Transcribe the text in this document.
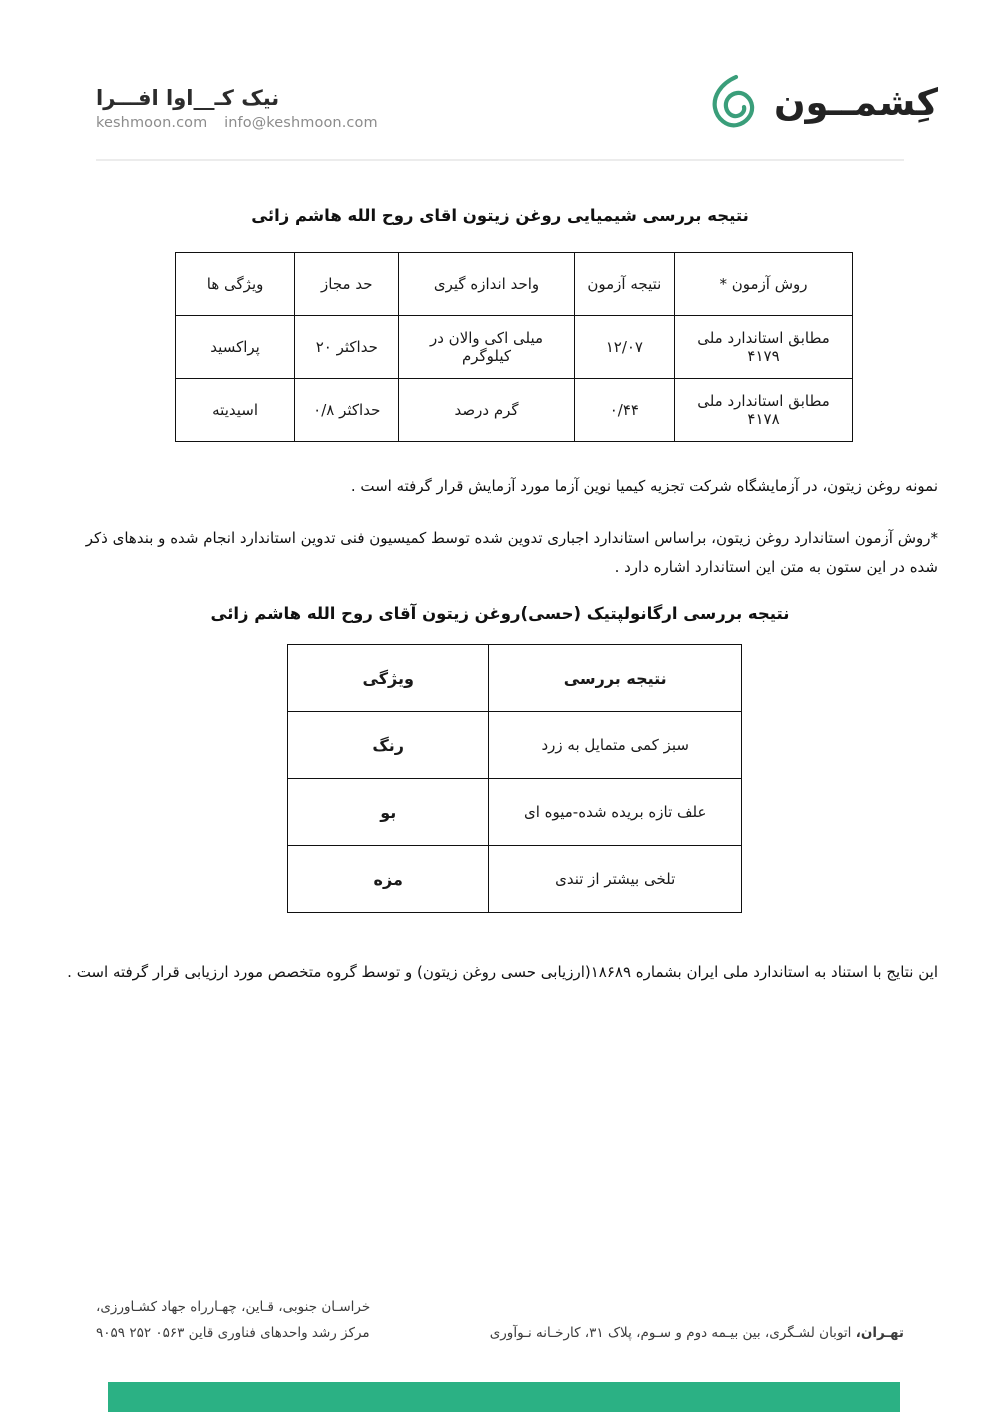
نیک کـ__اوا افـــرا
keshmoon.com info@keshmoon.com	کِشمــون
نتیجه بررسی شیمیایی روغن زیتون اقای روح الله هاشم زائی
روش آزمون *	نتیجه آزمون	واحد اندازه گیری	حد مجاز	ویژگی ها
مطابق استاندارد ملی ۴۱۷۹	۱۲/۰۷	میلی اکی والان در کیلوگرم	حداکثر ۲۰	پراکسید
مطابق استاندارد ملی ۴۱۷۸	۰/۴۴	گرم درصد	حداکثر ۰/۸	اسیدیته
نمونه روغن زیتون، در آزمایشگاه شرکت تجزیه کیمیا نوین آزما مورد آزمایش قرار گرفته است .
*روش آزمون استاندارد روغن زیتون، براساس استاندارد اجباری تدوین شده توسط کمیسیون فنی تدوین استاندارد انجام شده و بندهای ذکر شده در این ستون به متن این استاندارد اشاره دارد .
نتیجه بررسی ارگانولپتیک (حسی)روغن زیتون آقای روح الله هاشم زائی
نتیجه بررسی	ویژگی
سبز کمی متمایل به زرد	رنگ
علف تازه بریده شده-میوه ای	بو
تلخی بیشتر از تندی	مزه
این نتایج با استناد به استاندارد ملی ایران بشماره ۱۸۶۸۹(ارزیابی حسی روغن زیتون) و توسط گروه متخصص مورد ارزیابی قرار گرفته است .
خراسـان جنوبی، قـاین، چهـارراه جهاد کشـاورزی،
تهـران، اتوبان لشـگری، بین بیـمه دوم و سـوم، پلاک ۳۱، کارخـانه نـوآوری
مرکز رشد واحدهای فناوری قاین ۰۵۶۳ ۲۵۲ ۹۰۵۹
